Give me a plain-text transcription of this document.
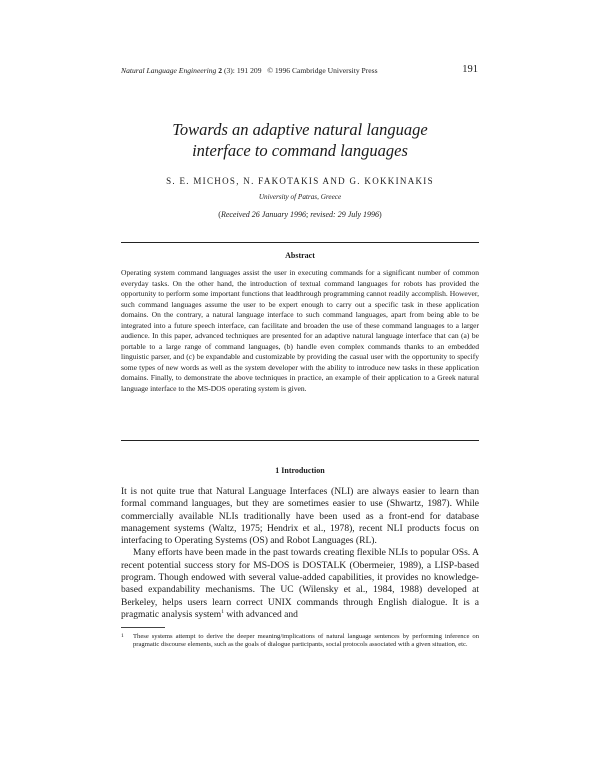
Natural Language Engineering 2 (3): 191 209 © 1996 Cambridge University Press	191
Towards an adaptive natural language
interface to command languages
S. E. MICHOS, N. FAKOTAKIS AND G. KOKKINAKIS
University of Patras, Greece
(Received 26 January 1996; revised: 29 July 1996)
Abstract
Operating system command languages assist the user in executing commands for a significant number of common everyday tasks. On the other hand, the introduction of textual command languages for robots has provided the opportunity to perform some important functions that leadthrough programming cannot readily accomplish. However, such command languages assume the user to be expert enough to carry out a specific task in these application domains. On the contrary, a natural language interface to such command languages, apart from being able to be integrated into a future speech interface, can facilitate and broaden the use of these command languages to a larger audience. In this paper, advanced techniques are presented for an adaptive natural language interface that can (a) be portable to a large range of command languages, (b) handle even complex commands thanks to an embedded linguistic parser, and (c) be expandable and customizable by providing the casual user with the opportunity to specify some types of new words as well as the system developer with the ability to introduce new tasks in these application domains. Finally, to demonstrate the above techniques in practice, an example of their application to a Greek natural language interface to the MS-DOS operating system is given.
1 Introduction

It is not quite true that Natural Language Interfaces (NLI) are always easier to learn than formal command languages, but they are sometimes easier to use (Shwartz, 1987). While commercially available NLIs traditionally have been used as a front-end for database management systems (Waltz, 1975; Hendrix et al., 1978), recent NLI products focus on interfacing to Operating Systems (OS) and Robot Languages (RL).

Many efforts have been made in the past towards creating flexible NLIs to popular OSs. A recent potential success story for MS-DOS is DOSTALK (Obermeier, 1989), a LISP-based program. Though endowed with several value-added capabilities, it provides no knowledge-based expandability mechanisms. The UC (Wilensky et al., 1984, 1988) developed at Berkeley, helps users learn correct UNIX commands through English dialogue. It is a pragmatic analysis system$^1$ with advanced and

1 These systems attempt to derive the deeper meaning/implications of natural language sentences by performing inference on pragmatic discourse elements, such as the goals of dialogue participants, social protocols associated with a given situation, etc.
